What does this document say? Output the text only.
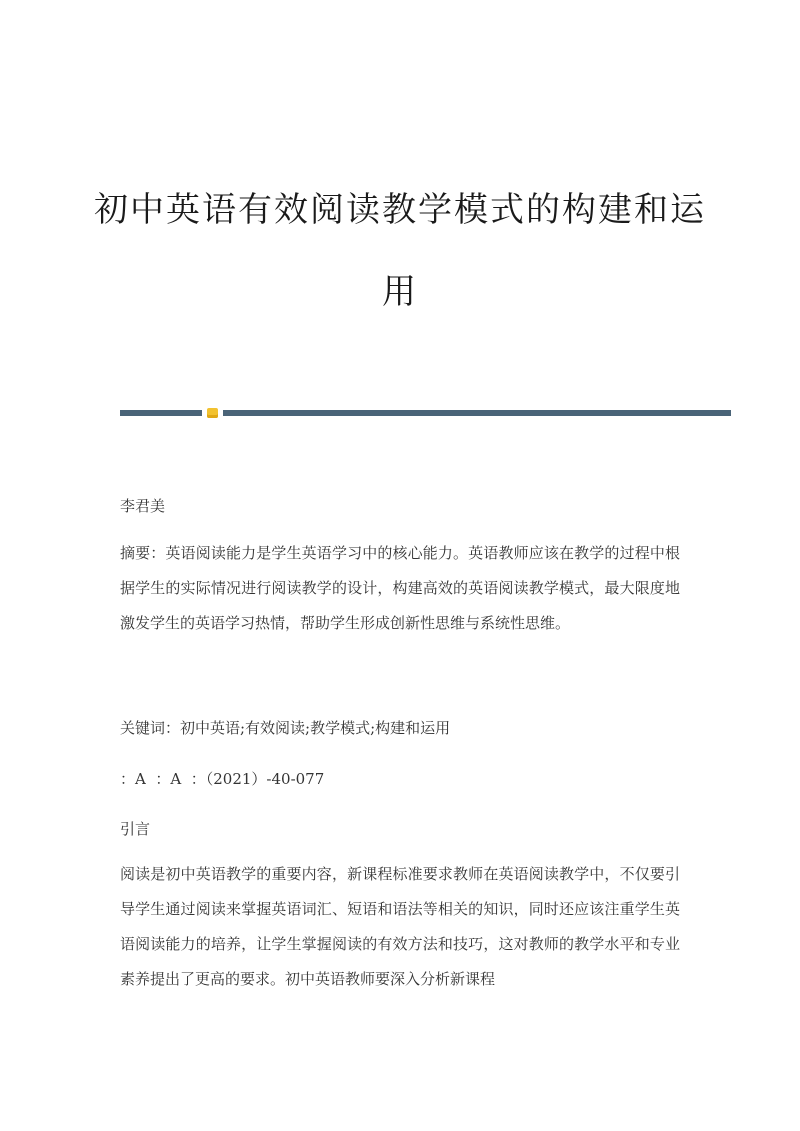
初中英语有效阅读教学模式的构建和运
用
李君美
摘要：英语阅读能力是学生英语学习中的核心能力。英语教师应该在教学的过程中根据学生的实际情况进行阅读教学的设计，构建高效的英语阅读教学模式，最大限度地激发学生的英语学习热情，帮助学生形成创新性思维与系统性思维。
关键词：初中英语;有效阅读;教学模式;构建和运用
：A  ：A  ：（2021）-40-077
引言
阅读是初中英语教学的重要内容，新课程标准要求教师在英语阅读教学中，不仅要引导学生通过阅读来掌握英语词汇、短语和语法等相关的知识，同时还应该注重学生英语阅读能力的培养，让学生掌握阅读的有效方法和技巧，这对教师的教学水平和专业素养提出了更高的要求。初中英语教师要深入分析新课程
